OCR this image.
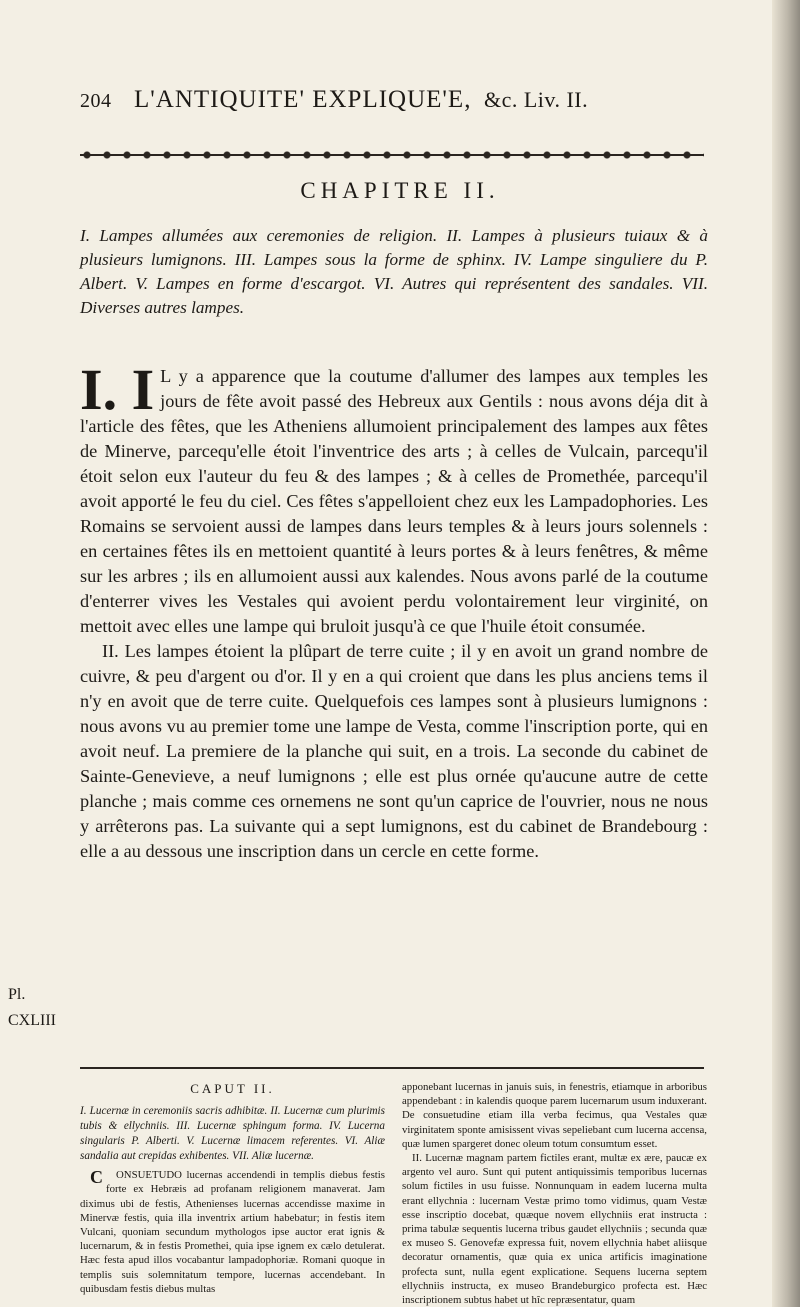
204 L'ANTIQUITE' EXPLIQUE'E, &c. Liv. II.
CHAPITRE II.
I. Lampes allumées aux ceremonies de religion. II. Lampes à plusieurs tuiaux & à plusieurs lumignons. III. Lampes sous la forme de sphinx. IV. Lampe singuliere du P. Albert. V. Lampes en forme d'escargot. VI. Autres qui représentent des sandales. VII. Diverses autres lampes.

I. I L y a apparence que la coutume d'allumer des lampes aux temples les jours de fête avoit passé des Hebreux aux Gentils : nous avons déja dit à l'article des fêtes, que les Atheniens allumoient principalement des lampes aux fêtes de Minerve, parcequ'elle étoit l'inventrice des arts ; à celles de Vulcain, parcequ'il étoit selon eux l'auteur du feu & des lampes ; & à celles de Promethée, parcequ'il avoit apporté le feu du ciel. Ces fêtes s'appelloient chez eux les Lampadophories. Les Romains se servoient aussi de lampes dans leurs temples & à leurs jours solennels : en certaines fêtes ils en mettoient quantité à leurs portes & à leurs fenêtres, & même sur les arbres ; ils en allumoient aussi aux kalendes. Nous avons parlé de la coutume d'enterrer vives les Vestales qui avoient perdu volontairement leur virginité, on mettoit avec elles une lampe qui bruloit jusqu'à ce que l'huile étoit consumée.

II. Les lampes étoient la plûpart de terre cuite ; il y en avoit un grand nombre de cuivre, & peu d'argent ou d'or. Il y en a qui croient que dans les plus anciens tems il n'y en avoit que de terre cuite. Quelquefois ces lampes sont à plusieurs lumignons : nous avons vu au premier tome une lampe de Vesta, comme l'inscription porte, qui en avoit neuf. La premiere de la planche qui suit, en a trois. La seconde du cabinet de Sainte-Genevieve, a neuf lumignons ; elle est plus ornée qu'aucune autre de cette planche ; mais comme ces ornemens ne sont qu'un caprice de l'ouvrier, nous ne nous y arrêterons pas. La suivante qui a sept lumignons, est du cabinet de Brandebourg : elle a au dessous une inscription dans un cercle en cette forme.

Pl.
CXLIII

CAPUT II.

I. Lucernæ in ceremoniis sacris adhibitæ. II. Lucernæ cum plurimis tubis & ellychniis. III. Lucernæ sphingum forma. IV. Lucerna singularis P. Alberti. V. Lucernæ limacem referentes. VI. Aliæ sandalia aut crepidas exhibentes. VII. Aliæ lucernæ.

C ONSUETUDO lucernas accendendi in templis diebus festis forte ex Hebræis ad profanam religionem manaverat. Jam diximus ubi de festis, Athenienses lucernas accendisse maxime in Minervæ festis, quia illa inventrix artium habebatur; in festis item Vulcani, quoniam secundum mythologos ipse auctor erat ignis & lucernarum, & in festis Promethei, quia ipse ignem ex cælo detulerat. Hæc festa apud illos vocabantur lampadophoriæ. Romani quoque in templis suis solemnitatum tempore, lucernas accendebant. In quibusdam festis diebus multas

apponebant lucernas in januis suis, in fenestris, etiamque in arboribus appendebant : in kalendis quoque parem lucernarum usum induxerant. De consuetudine etiam illa verba fecimus, qua Vestales quæ virginitatem sponte amisissent vivas sepeliebant cum lucerna accensa, quæ lumen spargeret donec oleum totum consumtum esset.

II. Lucernæ magnam partem fictiles erant, multæ ex ære, paucæ ex argento vel auro. Sunt qui putent antiquissimis temporibus lucernas solum fictiles in usu fuisse. Nonnunquam in eadem lucerna multa erant ellychnia : lucernam Vestæ primo tomo vidimus, quam Vestæ esse inscriptio docebat, quæque novem ellychniis erat instructa : prima tabulæ sequentis lucerna tribus gaudet ellychniis ; secunda quæ ex museo S. Genovefæ expressa fuit, novem ellychnia habet aliisque decoratur ornamentis, quæ quia ex unica artificis imaginatione profecta sunt, nulla egent explicatione. Sequens lucerna septem ellychniis instructa, ex museo Brandeburgico profecta est. Hæc inscriptionem subtus habet ut hîc repræsentatur, quam
